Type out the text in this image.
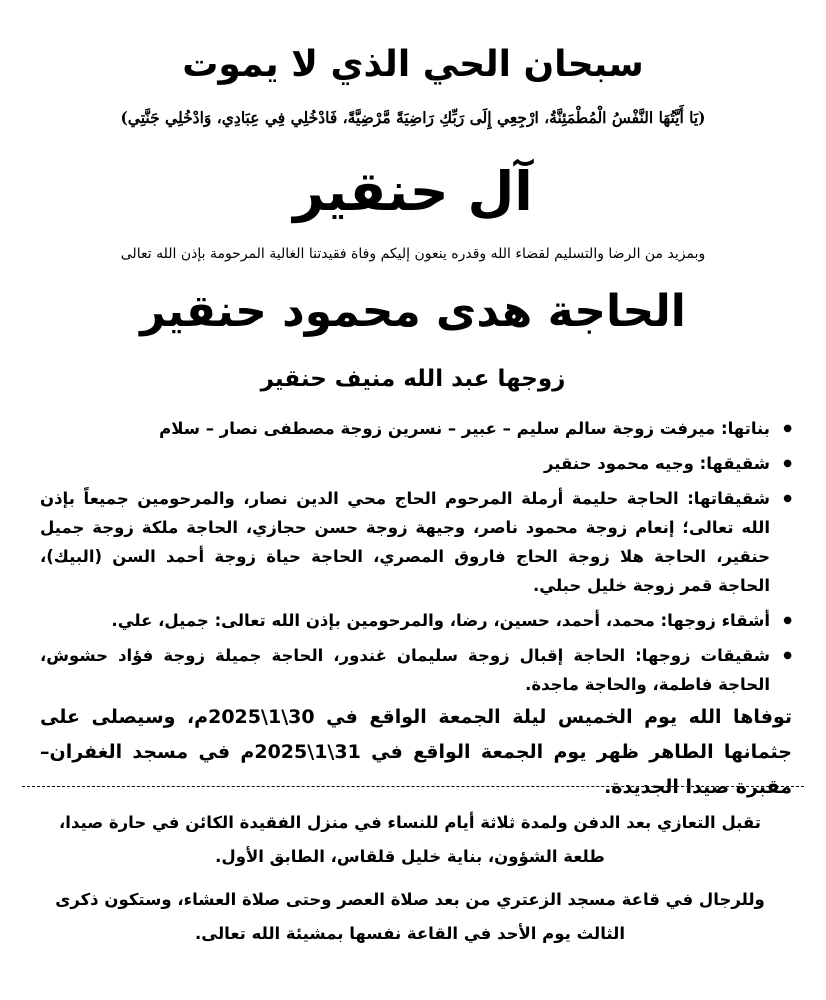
سبحان الحي الذي لا يموت
(يَا أَيَّتُهَا النَّفْسُ الْمُطْمَئِنَّةُ، ارْجِعِي إِلَى رَبِّكِ رَاضِيَةً مَّرْضِيَّةً، فَادْخُلِي فِي عِبَادِي، وَادْخُلِي جَنَّتِي)
آل حنقير
وبمزيد من الرضا والتسليم لقضاء الله وقدره ينعون إليكم وفاة فقيدتنا الغالية المرحومة بإذن الله تعالى
الحاجة هدى محمود حنقير
زوجها عبد الله منيف حنقير
● بناتها: ميرفت زوجة سالم سليم – عبير – نسرين زوجة مصطفى نصار – سلام
● شقيقها: وجيه محمود حنقير
● شقيقاتها: الحاجة حليمة أرملة المرحوم الحاج محي الدين نصار، والمرحومين جميعاً بإذن الله تعالى؛ إنعام زوجة محمود ناصر، وجيهة زوجة حسن حجازي، الحاجة ملكة زوجة جميل حنقير، الحاجة هلا زوجة الحاج فاروق المصري، الحاجة حياة زوجة أحمد السن (البيك)، الحاجة قمر زوجة خليل حبلي.
● أشقاء زوجها: محمد، أحمد، حسين، رضا، والمرحومين بإذن الله تعالى: جميل، علي.
● شقيقات زوجها: الحاجة إقبال زوجة سليمان غندور، الحاجة جميلة زوجة فؤاد حشوش، الحاجة فاطمة، والحاجة ماجدة.
توفاها الله يوم الخميس ليلة الجمعة الواقع في 30\1\2025م، وسيصلى على جثمانها الطاهر ظهر يوم الجمعة الواقع في 31\1\2025م في مسجد الغفران– مقبرة صيدا الجديدة.
تقبل التعازي بعد الدفن ولمدة ثلاثة أيام للنساء في منزل الفقيدة الكائن في حارة صيدا، طلعة الشؤون، بناية خليل قلقاس، الطابق الأول.
وللرجال في قاعة مسجد الزعتري من بعد صلاة العصر وحتى صلاة العشاء، وستكون ذكرى الثالث يوم الأحد في القاعة نفسها بمشيئة الله تعالى.
